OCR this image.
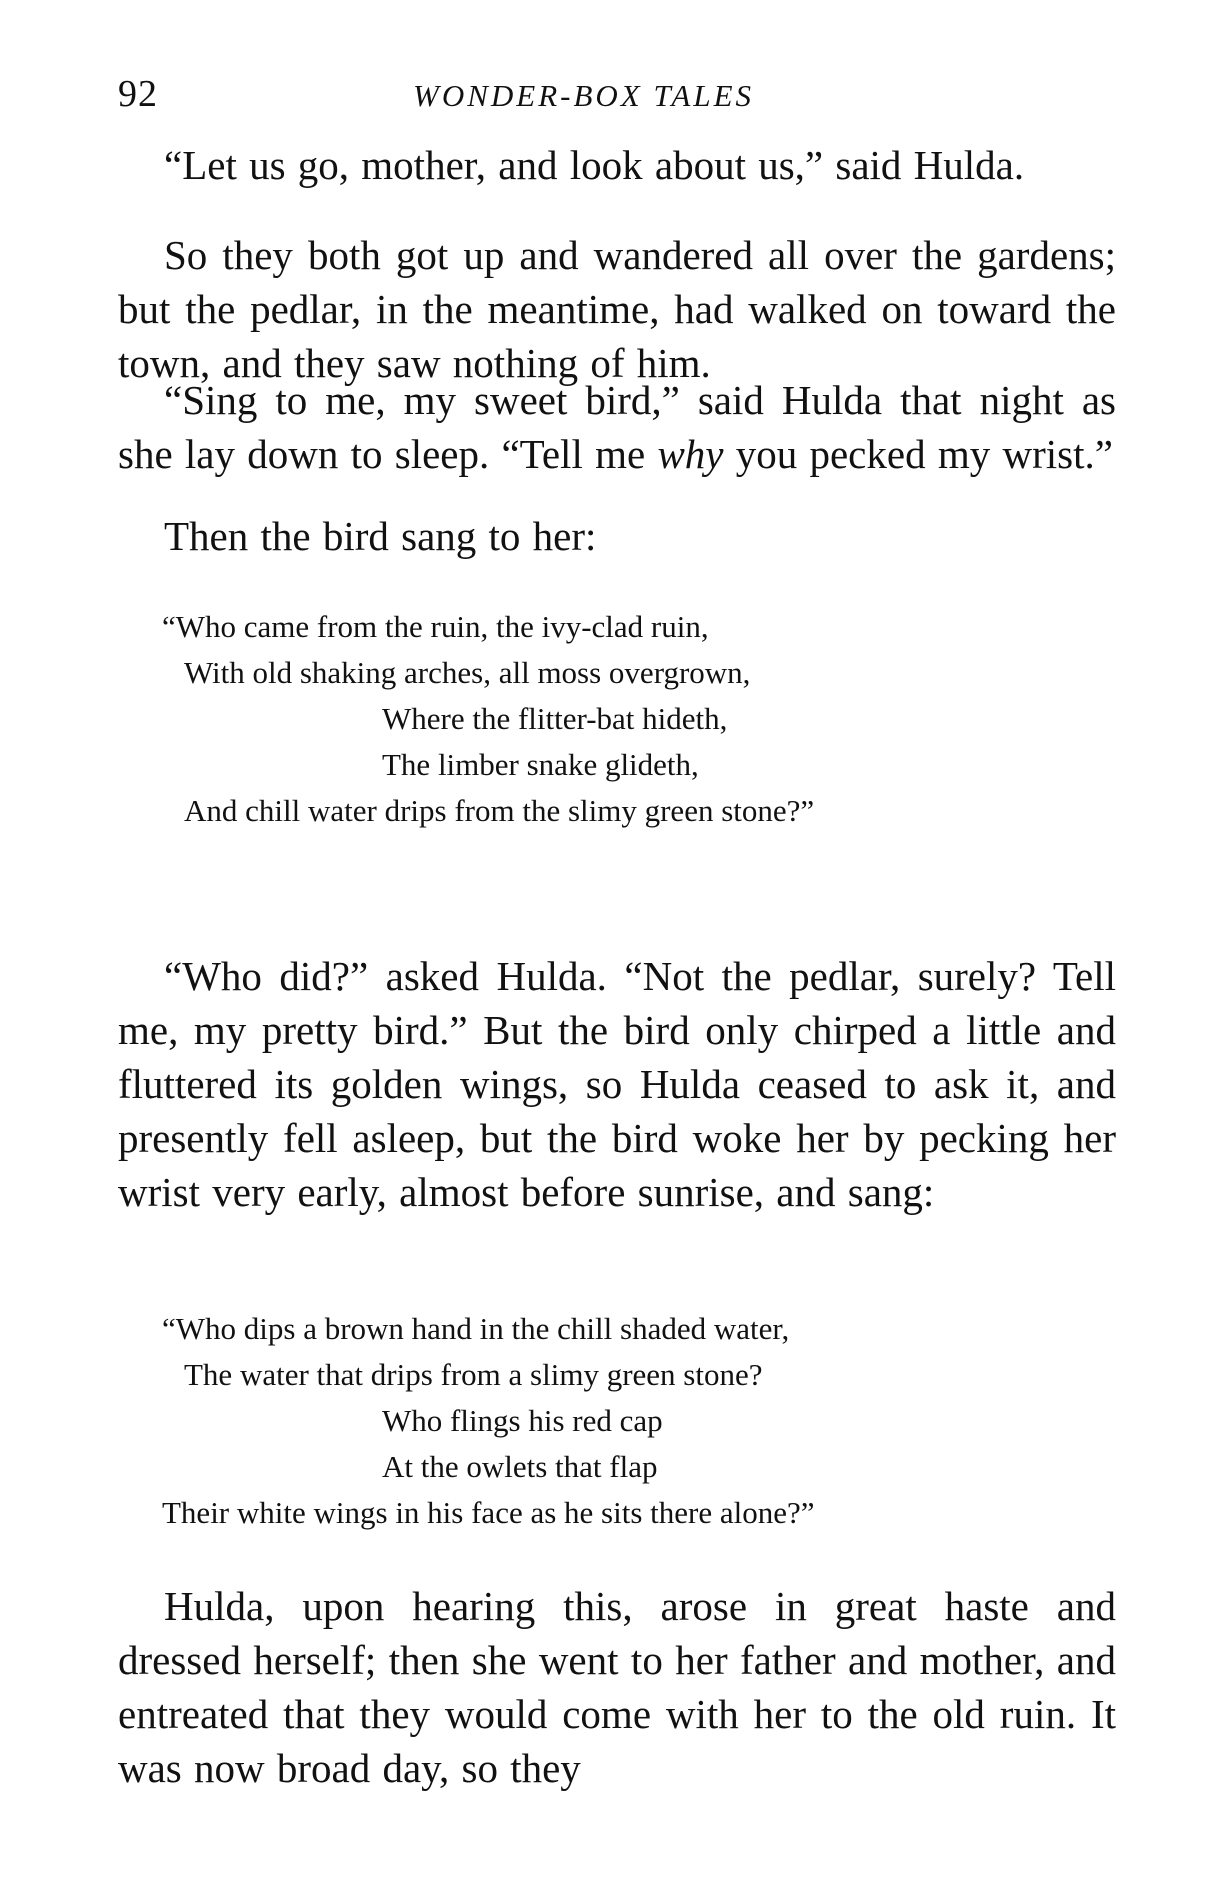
92	WONDER-BOX TALES

“Let us go, mother, and look about us,” said Hulda.

So they both got up and wandered all over the gardens; but the pedlar, in the meantime, had walked on toward the town, and they saw nothing of him.

“Sing to me, my sweet bird,” said Hulda that night as she lay down to sleep. “Tell me why you pecked my wrist.”

Then the bird sang to her:

“Who came from the ruin, the ivy-clad ruin,
With old shaking arches, all moss overgrown,
Where the flitter-bat hideth,
The limber snake glideth,
And chill water drips from the slimy green stone?”

“Who did?” asked Hulda. “Not the pedlar, surely? Tell me, my pretty bird.” But the bird only chirped a little and fluttered its golden wings, so Hulda ceased to ask it, and presently fell asleep, but the bird woke her by pecking her wrist very early, almost before sunrise, and sang:

“Who dips a brown hand in the chill shaded water,
The water that drips from a slimy green stone?
Who flings his red cap
At the owlets that flap
Their white wings in his face as he sits there alone?”

Hulda, upon hearing this, arose in great haste and dressed herself; then she went to her father and mother, and entreated that they would come with her to the old ruin. It was now broad day, so they
